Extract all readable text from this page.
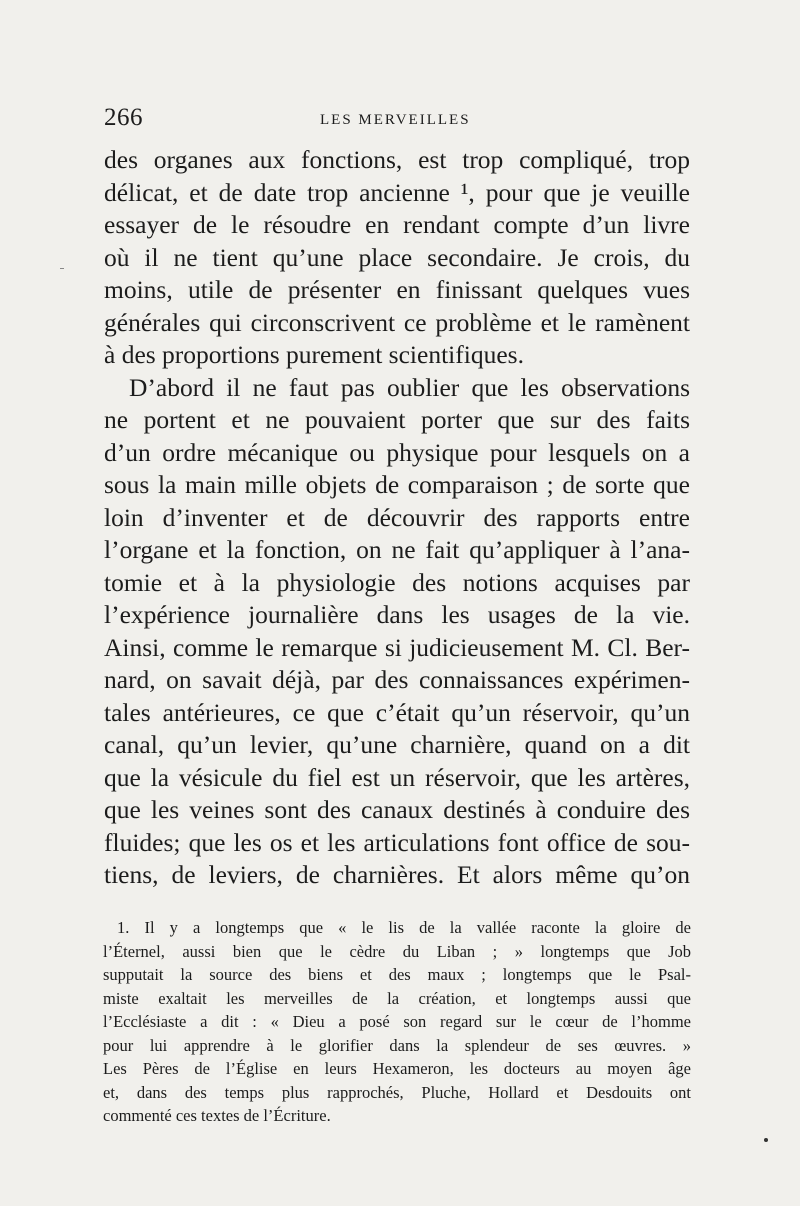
266	LES MERVEILLES
des organes aux fonctions, est trop compliqué, trop
délicat, et de date trop ancienne ¹, pour que je veuille
essayer de le résoudre en rendant compte d’un livre
où il ne tient qu’une place secondaire. Je crois, du
moins, utile de présenter en finissant quelques vues
générales qui circonscrivent ce problème et le ramènent
à des proportions purement scientifiques.
D’abord il ne faut pas oublier que les observations
ne portent et ne pouvaient porter que sur des faits
d’un ordre mécanique ou physique pour lesquels on a
sous la main mille objets de comparaison ; de sorte que
loin d’inventer et de découvrir des rapports entre
l’organe et la fonction, on ne fait qu’appliquer à l’ana-
tomie et à la physiologie des notions acquises par
l’expérience journalière dans les usages de la vie.
Ainsi, comme le remarque si judicieusement M. Cl. Ber-
nard, on savait déjà, par des connaissances expérimen-
tales antérieures, ce que c’était qu’un réservoir, qu’un
canal, qu’un levier, qu’une charnière, quand on a dit
que la vésicule du fiel est un réservoir, que les artères,
que les veines sont des canaux destinés à conduire des
fluides; que les os et les articulations font office de sou-
tiens, de leviers, de charnières. Et alors même qu’on
1. Il y a longtemps que « le lis de la vallée raconte la gloire de
l’Éternel, aussi bien que le cèdre du Liban ; » longtemps que Job
supputait la source des biens et des maux ; longtemps que le Psal-
miste exaltait les merveilles de la création, et longtemps aussi que
l’Ecclésiaste a dit : « Dieu a posé son regard sur le cœur de l’homme
pour lui apprendre à le glorifier dans la splendeur de ses œuvres. »
Les Pères de l’Église en leurs Hexameron, les docteurs au moyen âge
et, dans des temps plus rapprochés, Pluche, Hollard et Desdouits ont
commenté ces textes de l’Écriture.
